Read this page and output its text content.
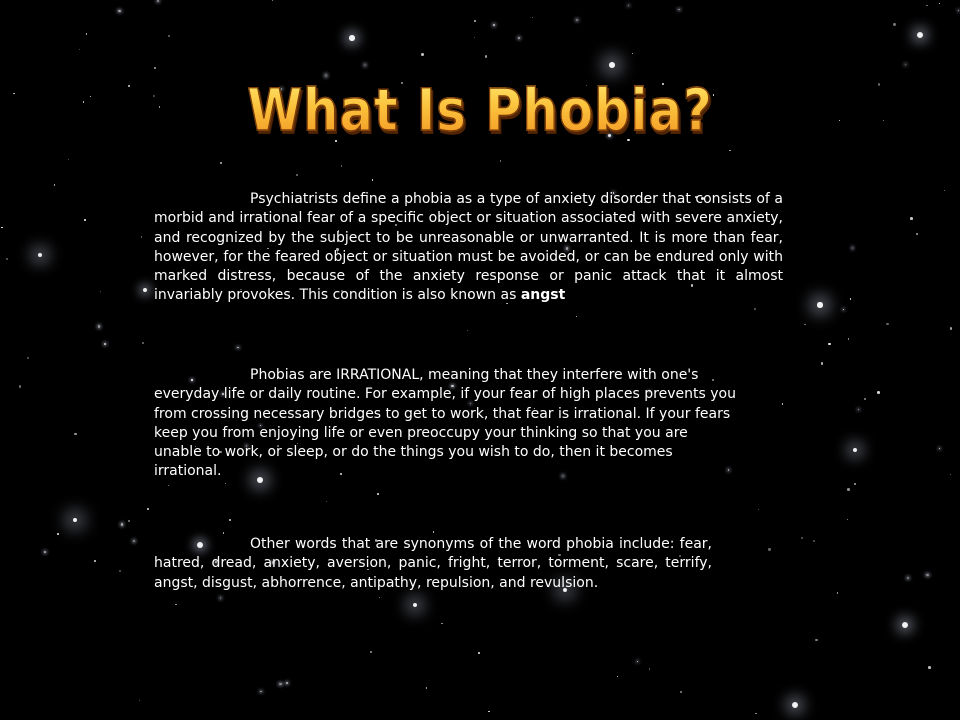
What Is Phobia?

Psychiatrists define a phobia as a type of anxiety disorder that consists of a morbid and irrational fear of a specific object or situation associated with severe anxiety, and recognized by the subject to be unreasonable or unwarranted. It is more than fear, however, for the feared object or situation must be avoided, or can be endured only with marked distress, because of the anxiety response or panic attack that it almost invariably provokes. This condition is also known as angst

Phobias are IRRATIONAL, meaning that they interfere with one's everyday life or daily routine. For example, if your fear of high places prevents you from crossing necessary bridges to get to work, that fear is irrational. If your fears keep you from enjoying life or even preoccupy your thinking so that you are unable to work, or sleep, or do the things you wish to do, then it becomes irrational.

Other words that are synonyms of the word phobia include: fear, hatred, dread, anxiety, aversion, panic, fright, terror, torment, scare, terrify, angst, disgust, abhorrence, antipathy, repulsion, and revulsion.
